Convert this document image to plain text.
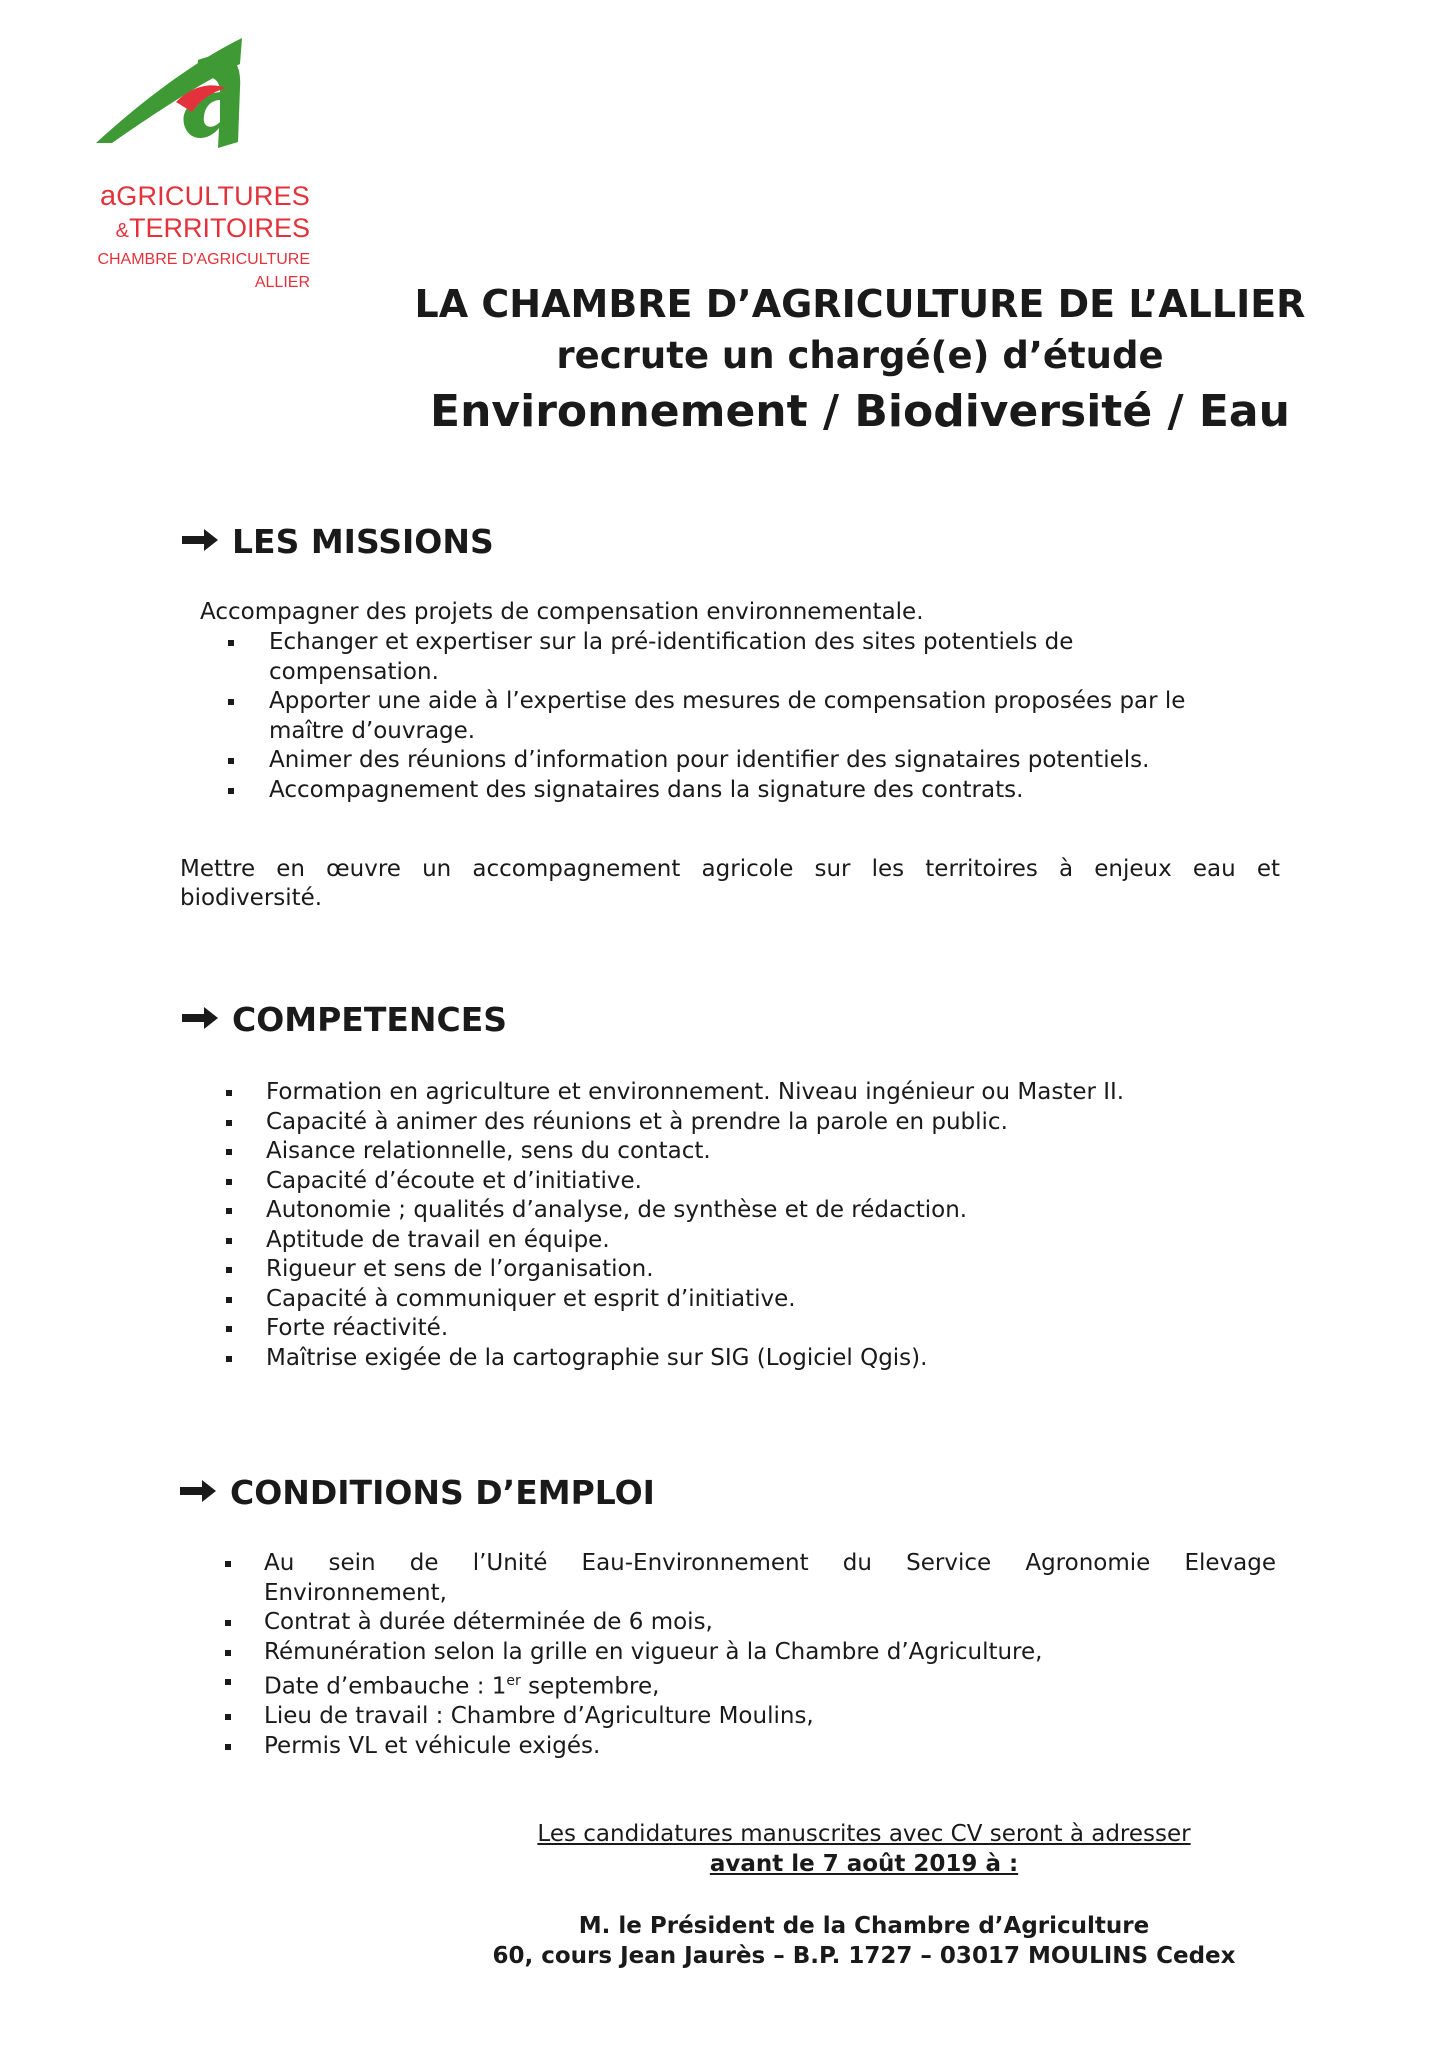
aGRICULTURES
&TERRITOIRES
CHAMBRE D'AGRICULTURE
ALLIER	LA CHAMBRE D’AGRICULTURE DE L’ALLIER
recrute un chargé(e) d’étude
Environnement / Biodiversité / Eau
LES MISSIONS
Accompagner des projets de compensation environnementale.
Echanger et expertiser sur la pré-identification des sites potentiels de
compensation.
Apporter une aide à l’expertise des mesures de compensation proposées par le
maître d’ouvrage.
Animer des réunions d’information pour identifier des signataires potentiels.
Accompagnement des signataires dans la signature des contrats.
Mettre en œuvre un accompagnement agricole sur les territoires à enjeux eau et
biodiversité.
COMPETENCES
Formation en agriculture et environnement. Niveau ingénieur ou Master II.
Capacité à animer des réunions et à prendre la parole en public.
Aisance relationnelle, sens du contact.
Capacité d’écoute et d’initiative.
Autonomie ; qualités d’analyse, de synthèse et de rédaction.
Aptitude de travail en équipe.
Rigueur et sens de l’organisation.
Capacité à communiquer et esprit d’initiative.
Forte réactivité.
Maîtrise exigée de la cartographie sur SIG (Logiciel Qgis).
CONDITIONS D’EMPLOI
Au sein de l’Unité Eau-Environnement du Service Agronomie Elevage
Environnement,
Contrat à durée déterminée de 6 mois,
Rémunération selon la grille en vigueur à la Chambre d’Agriculture,
Date d’embauche : 1er septembre,
Lieu de travail : Chambre d’Agriculture Moulins,
Permis VL et véhicule exigés.
Les candidatures manuscrites avec CV seront à adresser
avant le 7 août 2019 à :
M. le Président de la Chambre d’Agriculture
60, cours Jean Jaurès – B.P. 1727 – 03017 MOULINS Cedex
